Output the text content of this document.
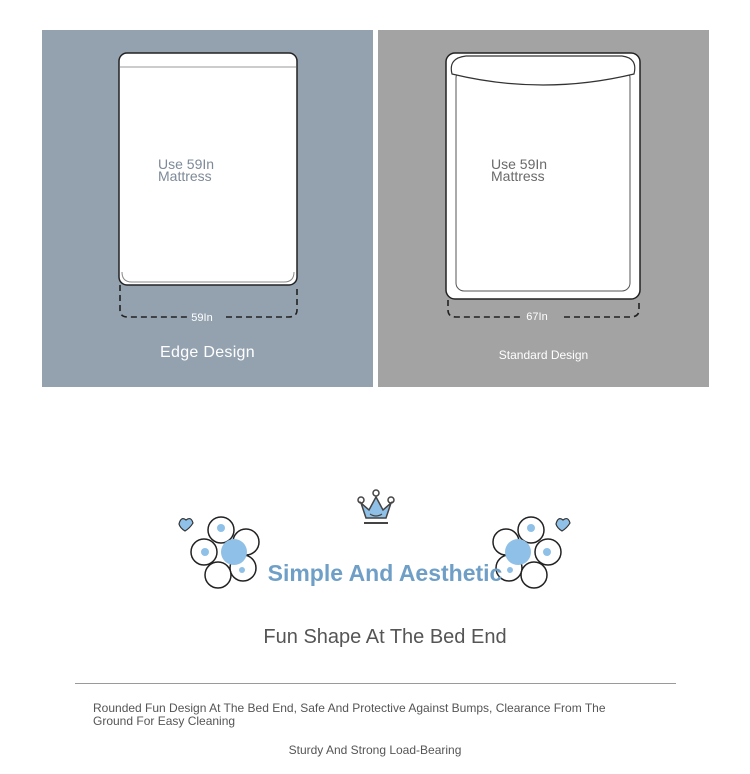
Use 59In
Mattress
59In
Edge Design
Use 59In
Mattress
67In
Standard Design
Simple And Aesthetic
Fun Shape At The Bed End
Rounded Fun Design At The Bed End, Safe And Protective Against Bumps, Clearance From The Ground For Easy Cleaning
Sturdy And Strong Load-Bearing
